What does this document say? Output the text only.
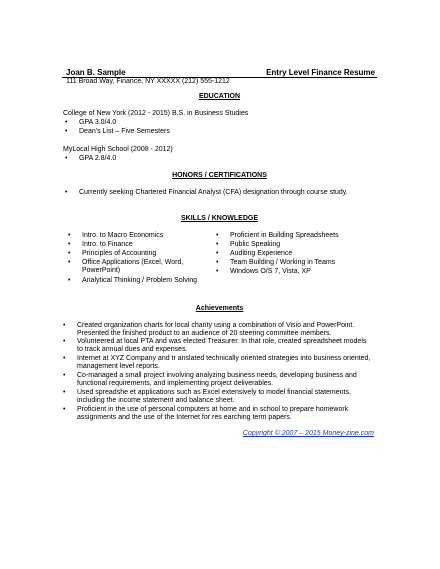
Joan B. Sample	Entry Level Finance Resume
111 Broad Way, Finance, NY XXXXX (212) 555-1212
EDUCATION
College of New York (2012 - 2015) B.S. in Business Studies
• GPA 3.0/4.0
• Dean's List – Five Semesters
MyLocal High School (2008 - 2012)
• GPA 2.8/4.0
HONORS / CERTIFICATIONS
• Currently seeking Chartered Financial Analyst (CFA) designation through course study.
SKILLS / KNOWLEDGE
• Intro. to Macro Economics
• Intro. to Finance
• Principles of Accounting
• Office Applications (Excel, Word, PowerPoint)
• Analytical Thinking / Problem Solving
• Proficient in Building Spreadsheets
• Public Speaking
• Auditing Experience
• Team Building / Working in Teams
• Windows O/S 7, Vista, XP
Achievements
• Created organization charts for local charity using a combination of Visio and PowerPoint. Presented the finished product to an audience of 20 steering committee members.
• Volunteered at local PTA and was elected Treasurer. In that role, created spreadsheet models to track annual dues and expenses.
• Internet at XYZ Company and tr anslated technically oriented strategies into business oriented, management level reports.
• Co-managed a small project involving analyzing business needs, developing business and functional requirements, and implementing project deliverables.
• Used spreadshe et applications such as Excel extensively to model financial statements, including the income statement and balance sheet.
• Proficient in the use of personal computers at home and in school to prepare homework assignments and the use of the Internet for res earching term papers.
Copyright © 2007 – 2015 Money-zine.com
